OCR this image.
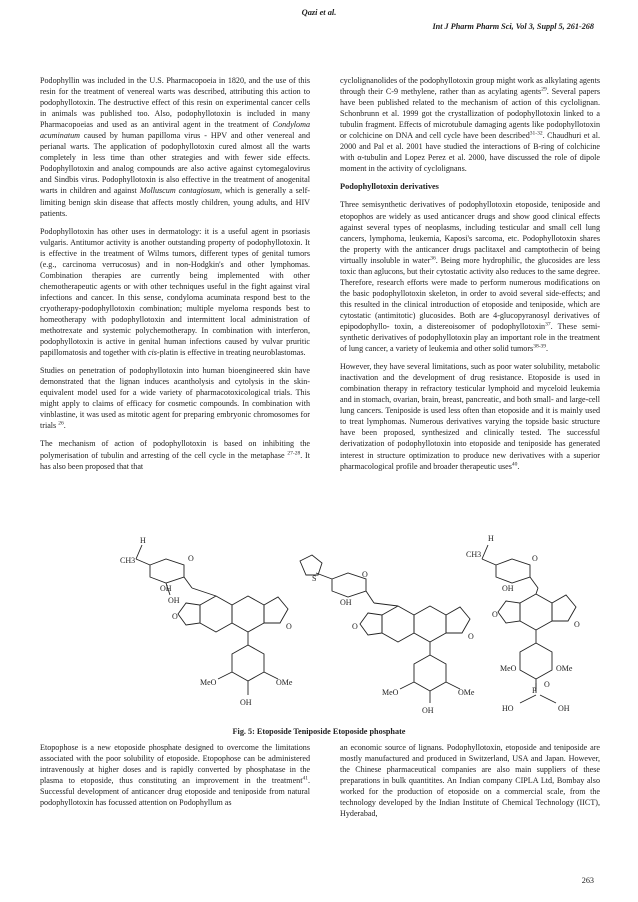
Qazi et al.
Int J Pharm Pharm Sci, Vol 3, Suppl 5, 261-268

Podophyllin was included in the U.S. Pharmacopoeia in 1820, and the use of this resin for the treatment of venereal warts was described, attributing this action to podophyllotoxin. The destructive effect of this resin on experimental cancer cells in animals was published too. Also, podophyllotoxin is included in many Pharmacopoeias and used as an antiviral agent in the treatment of Condyloma acuminatum caused by human papilloma virus - HPV and other venereal and perianal warts. The application of podophyllotoxin cured almost all the warts completely in less time than other strategies and with fewer side effects. Podophyllotoxin and analog compounds are also active against cytomegalovirus and Sindbis virus. Podophyllotoxin is also effective in the treatment of anogenital warts in children and against Molluscum contagiosum, which is generally a self-limiting benign skin disease that affects mostly children, young adults, and HIV patients.

Podophyllotoxin has other uses in dermatology: it is a useful agent in psoriasis vulgaris. Antitumor activity is another outstanding property of podophyllotoxin. It is effective in the treatment of Wilms tumors, different types of genital tumors (e.g., carcinoma verrucosus) and in non-Hodgkin's and other lymphomas. Combination therapies are currently being implemented with other chemotherapeutic agents or with other techniques useful in the fight against viral infections and cancer. In this sense, condyloma acuminata respond best to the cryotherapy-podophyllotoxin combination; multiple myeloma responds best to homeotherapy with podophyllotoxin and intermittent local administration of methotrexate and systemic polychemotherapy. In combination with interferon, podophyllotoxin is active in genital human infections caused by vulvar pruritic papillomatosis and together with cis-platin is effective in treating neuroblastomas.

Studies on penetration of podophyllotoxin into human bioengineered skin have demonstrated that the lignan induces acantholysis and cytolysis in the skin-equivalent model used for a wide variety of pharmacotoxicological trials. This might apply to claims of efficacy for cosmetic compounds. In combination with vinblastine, it was used as mitotic agent for preparing embryonic chromosomes for trials $^{26}$.

The mechanism of action of podophyllotoxin is based on inhibiting the polymerisation of tubulin and arresting of the cell cycle in the metaphase $^{27-28}$. It has also been proposed that that

cyclolignanolides of the podophyllotoxin group might work as alkylating agents through their C-9 methylene, rather than as acylating agents$^{29}$. Several papers have been published related to the mechanism of action of this cyclolignan. Schonbrunn et al. 1999 got the crystallization of podophyllotoxin linked to a tubulin fragment. Effects of microtubule damaging agents like podophyllotoxin or colchicine on DNA and cell cycle have been described$^{31-32}$. Chaudhuri et al. 2000 and Pal et al. 2001 have studied the interactions of B-ring of colchicine with α-tubulin and Lopez Perez et al. 2000, have discussed the role of dipole moment in the activity of cyclolignans.

Podophyllotoxin derivatives

Three semisynthetic derivatives of podophyllotoxin etoposide, teniposide and etopophos are widely as used anticancer drugs and show good clinical effects against several types of neoplasms, including testicular and small cell lung cancers, lymphoma, leukemia, Kaposi's sarcoma, etc. Podophyllotoxin shares the property with the anticancer drugs paclitaxel and camptothecin of being virtually insoluble in water$^{36}$. Being more hydrophilic, the glucosides are less toxic than aglucons, but their cytostatic activity also reduces to the same degree. Therefore, research efforts were made to perform numerous modifications on the basic podophyllotoxin skeleton, in order to avoid several side-effects; and this resulted in the clinical introduction of etoposide and teniposide, which are cytostatic (antimitotic) glucosides. Both are 4-glucopyranosyl derivatives of epipodophyllo- toxin, a distereoisomer of podophyllotoxin$^{37}$. These semi-synthetic derivatives of podophyllotoxin play an important role in the treatment of lung cancer, a variety of leukemia and other solid tumors$^{38-39}$.

However, they have several limitations, such as poor water solubility, metabolic inactivation and the development of drug resistance. Etoposide is used in combination therapy in refractory testicular lymphoid and myceloid leukemia and in stomach, ovarian, brain, breast, pancreatic, and both small- and large-cell lung cancers. Teniposide is used less often than etoposide and it is mainly used to treat lymphomas. Numerous derivatives varying the topside basic structure have been proposed, synthesized and clinically tested. The successful derivatization of podophyllotoxin into etoposide and teniposide has generated interest in structure optimization to produce new derivatives with a superior pharmacological profile and broader therapeutic uses$^{40}$.

H
CH3
OH
OH
O
O
O
MeO	OMe
OH
S
OH
O
O
O
MeO	OMe
OH
H
CH3
OH
O
O
O
MeO	OMe
P
O
HO	OH
Fig. 5: Etoposide Teniposide Etoposide phosphate

Etopophose is a new etoposide phosphate designed to overcome the limitations associated with the poor solubility of etoposide. Etopophose can be administered intravenously at higher doses and is rapidly converted by phosphatase in the plasma to etoposide, thus constituting an improvement in the treatment$^{41}$. Successful development of anticancer drug etoposide and teniposide from natural podophyllotoxin has focussed attention on Podophyllum as

an economic source of lignans. Podophyllotoxin, etoposide and teniposide are mostly manufactured and produced in Switzerland, USA and Japan. However, the Chinese pharmaceutical companies are also main suppliers of these preparations in bulk quantitites. An Indian company CIPLA Ltd, Bombay also worked for the production of etoposide on a commercial scale, from the technology developed by the Indian Institute of Chemical Technology (IICT), Hyderabad,

263
